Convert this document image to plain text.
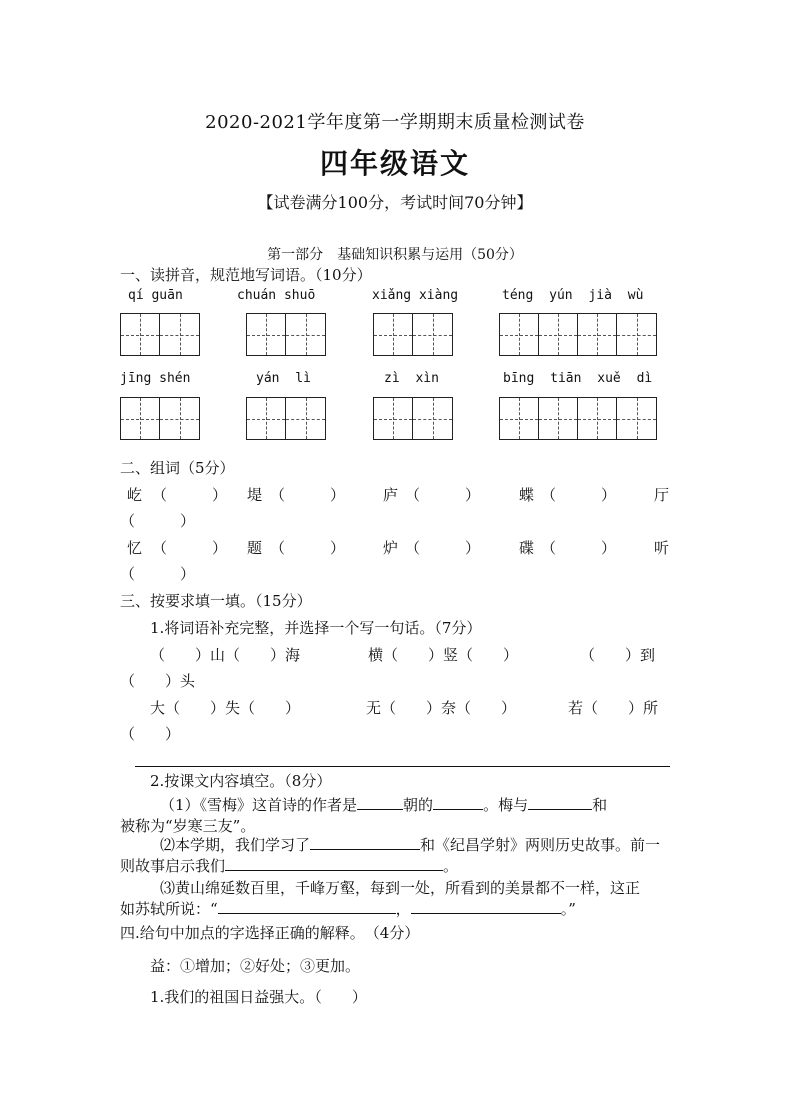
2020-2021学年度第一学期期末质量检测试卷
四年级语文
【试卷满分100分，考试时间70分钟】
第一部分　基础知识积累与运用（50分）
一、读拼音，规范地写词语。（10分）
qí guān	chuán shuō	xiǎng xiàng	téng yún jià wù
jīng shén	yán lì	zì xìn	bīng tiān xuě dì
二、组词（5分）
屹 （　　　） 堤 （　　　）	庐 （　　　）	蝶 （　　　）	厅
（　　　）
忆 （　　　） 题 （　　　）	炉 （　　　）	碟 （　　　）	听
（　　　）
三、按要求填一填。（15分）
1.将词语补充完整，并选择一个写一句话。（7分）
（　　）山（　　）海	横（　　）竖（　　）	（　　）到
（　　）头
大（　　）失（　　）	无（　　）奈（　　）	若（　　）所
（　　）
2.按课文内容填空。（8分）
（1）《雪梅》这首诗的作者是	朝的	。梅与	和
被称为“岁寒三友”。
⑵本学期，我们学习了	和《纪昌学射》两则历史故事。前一
则故事启示我们	。
⑶黄山绵延数百里，千峰万壑，每到一处，所看到的美景都不一样，这正
如苏轼所说：“	，	。”
四.给句中加点的字选择正确的解释。　（4分）
益：①增加；②好处；③更加。
1.我们的祖国日益强大。（　　）
